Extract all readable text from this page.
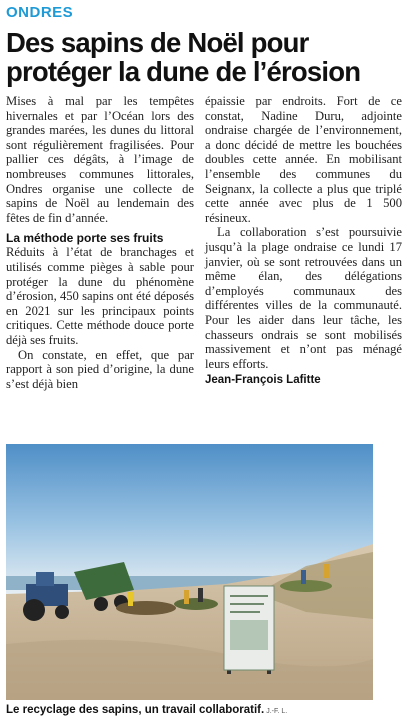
ONDRES
Des sapins de Noël pour protéger la dune de l’érosion

Mises à mal par les tempêtes hivernales et par l’Océan lors des grandes marées, les dunes du littoral sont régulièrement fragilisées. Pour pallier ces dégâts, à l’image de nombreuses communes littorales, Ondres organise une collecte de sapins de Noël au lendemain des fêtes de fin d’année.

La méthode porte ses fruits

Réduits à l’état de branchages et utilisés comme pièges à sable pour protéger la dune du phénomène d’érosion, 450 sapins ont été déposés en 2021 sur les principaux points critiques. Cette méthode douce porte déjà ses fruits.

On constate, en effet, que par rapport à son pied d’origine, la dune s’est déjà bien

épaissie par endroits. Fort de ce constat, Nadine Duru, adjointe ondraise chargée de l’environnement, a donc décidé de mettre les bouchées doubles cette année. En mobilisant l’ensemble des communes du Seignanx, la collecte a plus que triplé cette année avec plus de 1 500 résineux.

La collaboration s’est poursuivie jusqu’à la plage ondraise ce lundi 17 janvier, où se sont retrouvées dans un même élan, des délégations d’employés communaux des différentes villes de la communauté. Pour les aider dans leur tâche, les chasseurs ondrais se sont mobilisés massivement et n’ont pas ménagé leurs efforts.

Jean-François Lafitte
Le recyclage des sapins, un travail collaboratif. J.-F. L.
